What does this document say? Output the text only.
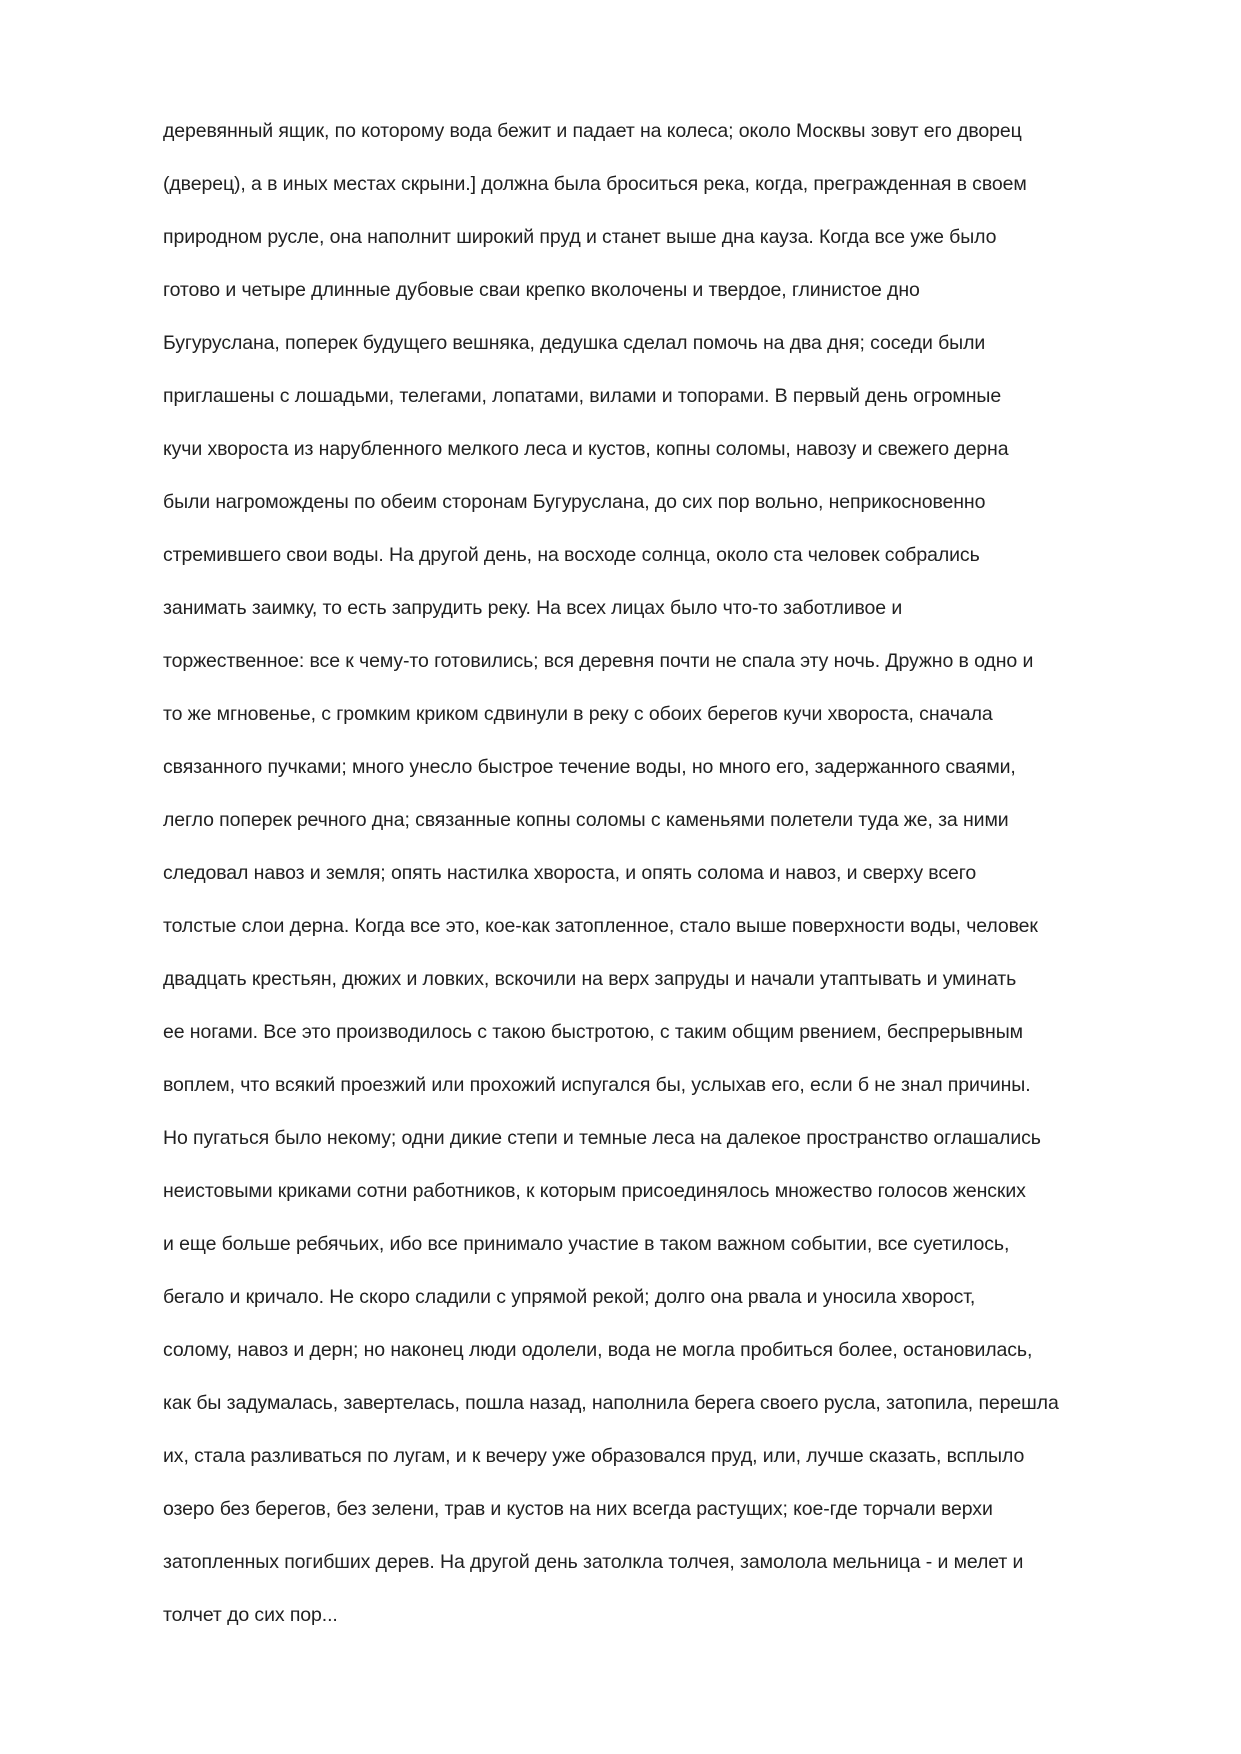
деревянный ящик, по которому вода бежит и падает на колеса; около Москвы зовут его дворец
(дверец), а в иных местах скрыни.] должна была броситься река, когда, прегражденная в своем
природном русле, она наполнит широкий пруд и станет выше дна кауза. Когда все уже было
готово и четыре длинные дубовые сваи крепко вколочены и твердое, глинистое дно
Бугуруслана, поперек будущего вешняка, дедушка сделал помочь на два дня; соседи были
приглашены с лошадьми, телегами, лопатами, вилами и топорами. В первый день огромные
кучи хвороста из нарубленного мелкого леса и кустов, копны соломы, навозу и свежего дерна
были нагромождены по обеим сторонам Бугуруслана, до сих пор вольно, неприкосновенно
стремившего свои воды. На другой день, на восходе солнца, около ста человек собрались
занимать заимку, то есть запрудить реку. На всех лицах было что-то заботливое и
торжественное: все к чему-то готовились; вся деревня почти не спала эту ночь. Дружно в одно и
то же мгновенье, с громким криком сдвинули в реку с обоих берегов кучи хвороста, сначала
связанного пучками; много унесло быстрое течение воды, но много его, задержанного сваями,
легло поперек речного дна; связанные копны соломы с каменьями полетели туда же, за ними
следовал навоз и земля; опять настилка хвороста, и опять солома и навоз, и сверху всего
толстые слои дерна. Когда все это, кое-как затопленное, стало выше поверхности воды, человек
двадцать крестьян, дюжих и ловких, вскочили на верх запруды и начали утаптывать и уминать
ее ногами. Все это производилось с такою быстротою, с таким общим рвением, беспрерывным
воплем, что всякий проезжий или прохожий испугался бы, услыхав его, если б не знал причины.
Но пугаться было некому; одни дикие степи и темные леса на далекое пространство оглашались
неистовыми криками сотни работников, к которым присоединялось множество голосов женских
и еще больше ребячьих, ибо все принимало участие в таком важном событии, все суетилось,
бегало и кричало. Не скоро сладили с упрямой рекой; долго она рвала и уносила хворост,
солому, навоз и дерн; но наконец люди одолели, вода не могла пробиться более, остановилась,
как бы задумалась, завертелась, пошла назад, наполнила берега своего русла, затопила, перешла
их, стала разливаться по лугам, и к вечеру уже образовался пруд, или, лучше сказать, всплыло
озеро без берегов, без зелени, трав и кустов на них всегда растущих; кое-где торчали верхи
затопленных погибших дерев. На другой день затолкла толчея, замолола мельница - и мелет и
толчет до сих пор...
